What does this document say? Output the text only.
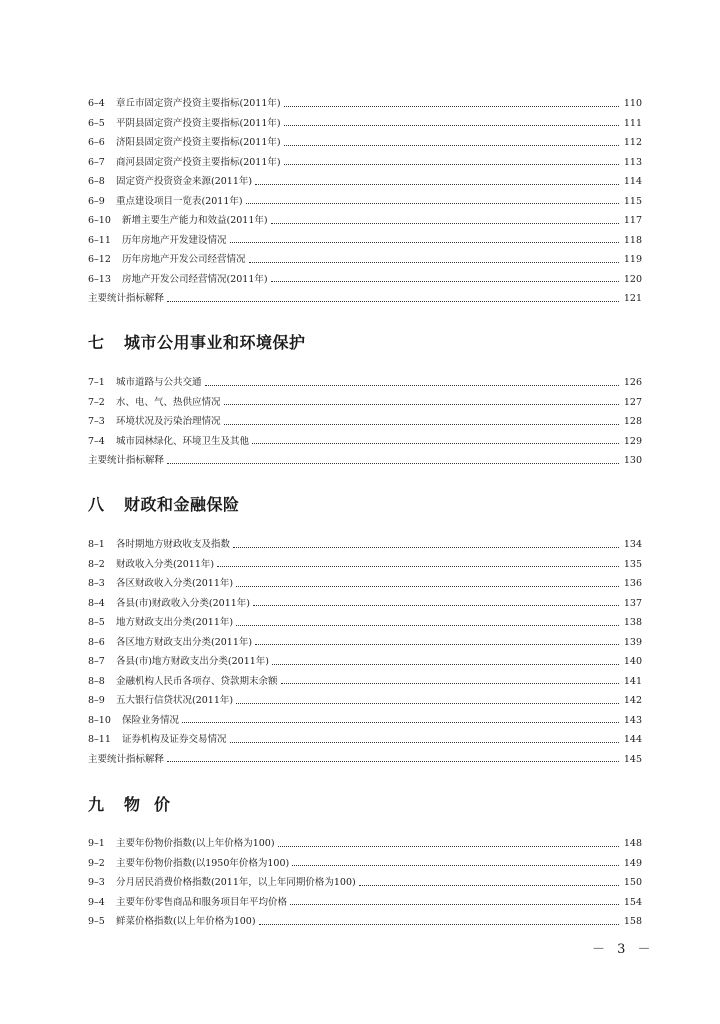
6–4	章丘市固定资产投资主要指标(2011年)	110
6–5	平阴县固定资产投资主要指标(2011年)	111
6–6	济阳县固定资产投资主要指标(2011年)	112
6–7	商河县固定资产投资主要指标(2011年)	113
6–8	固定资产投资资金来源(2011年)	114
6–9	重点建设项目一览表(2011年)	115
6–10	新增主要生产能力和效益(2011年)	117
6–11	历年房地产开发建设情况	118
6–12	历年房地产开发公司经营情况	119
6–13	房地产开发公司经营情况(2011年)	120
主要统计指标解释	121
七 城市公用事业和环境保护
7–1	城市道路与公共交通	126
7–2	水、电、气、热供应情况	127
7–3	环境状况及污染治理情况	128
7–4	城市园林绿化、环境卫生及其他	129
主要统计指标解释	130
八 财政和金融保险
8–1	各时期地方财政收支及指数	134
8–2	财政收入分类(2011年)	135
8–3	各区财政收入分类(2011年)	136
8–4	各县(市)财政收入分类(2011年)	137
8–5	地方财政支出分类(2011年)	138
8–6	各区地方财政支出分类(2011年)	139
8–7	各县(市)地方财政支出分类(2011年)	140
8–8	金融机构人民币各项存、贷款期末余额	141
8–9	五大银行信贷状况(2011年)	142
8–10	保险业务情况	143
8–11	证券机构及证券交易情况	144
主要统计指标解释	145
九 物价
9–1	主要年份物价指数(以上年价格为100)	148
9–2	主要年份物价指数(以1950年价格为100)	149
9–3	分月居民消费价格指数(2011年，以上年同期价格为100)	150
9–4	主要年份零售商品和服务项目年平均价格	154
9–5	鲜菜价格指数(以上年价格为100)	158
－ 3 －
